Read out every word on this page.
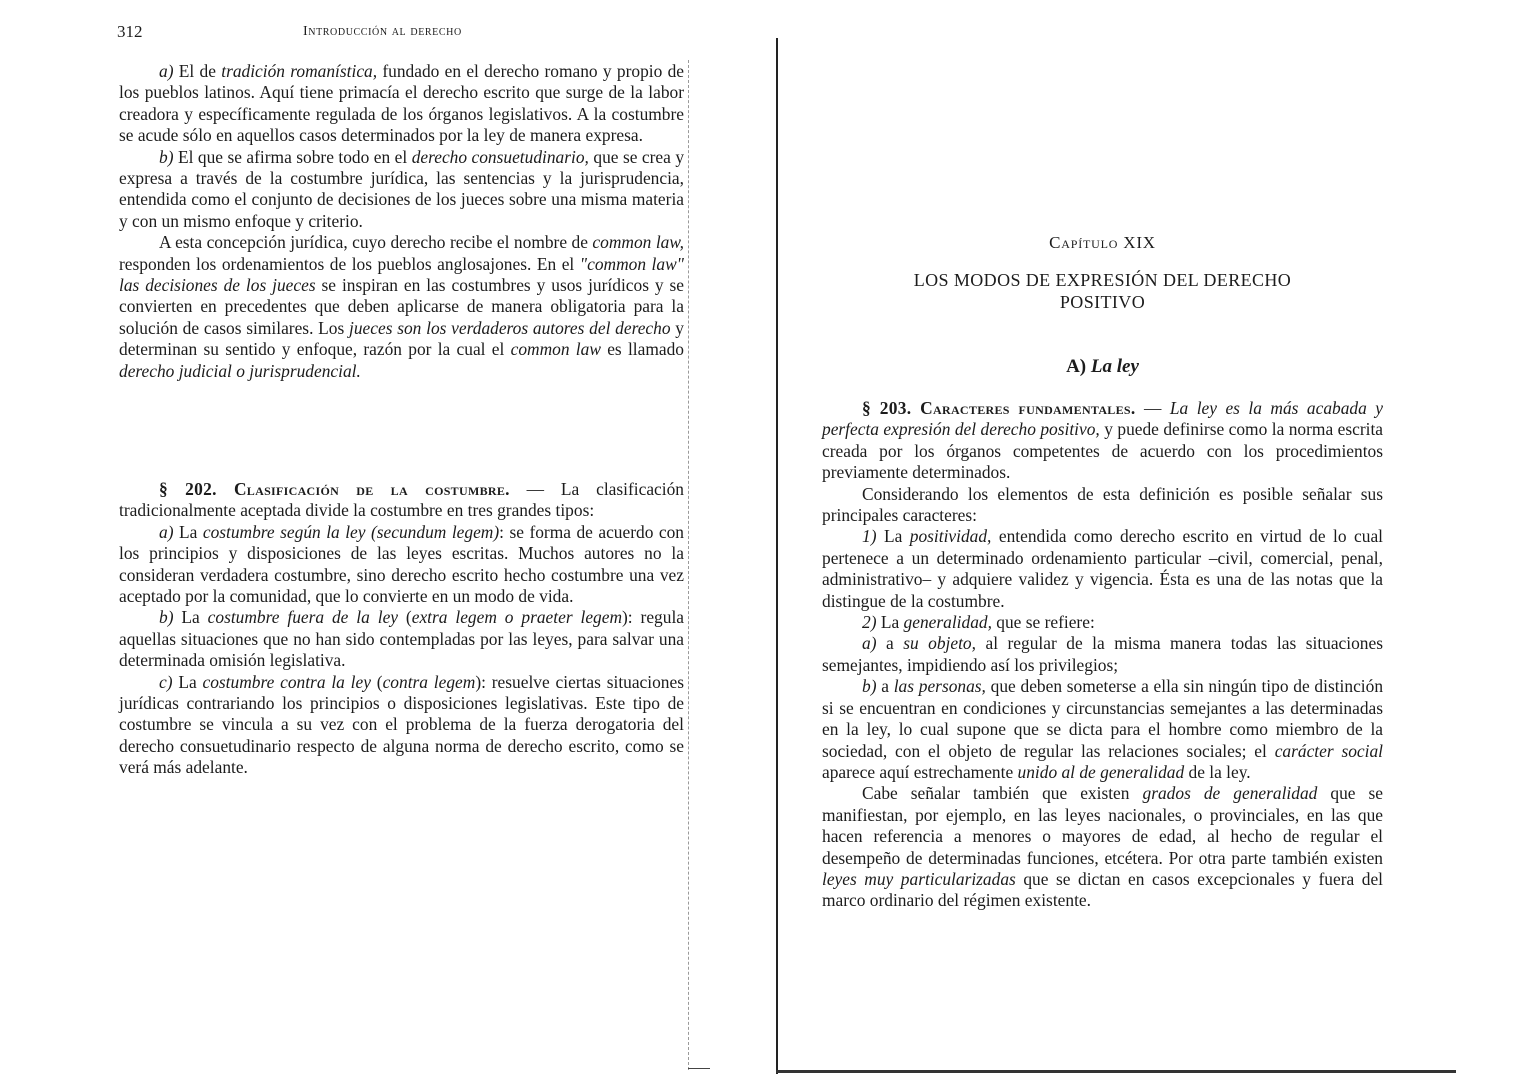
312	Introducción al derecho

a) El de tradición romanística, fundado en el derecho romano y propio de los pueblos latinos. Aquí tiene primacía el derecho escrito que surge de la labor creadora y específicamente regulada de los órganos legislativos. A la costumbre se acude sólo en aquellos casos determinados por la ley de manera expresa.

b) El que se afirma sobre todo en el derecho consuetudinario, que se crea y expresa a través de la costumbre jurídica, las sentencias y la jurisprudencia, entendida como el conjunto de decisiones de los jueces sobre una misma materia y con un mismo enfoque y criterio.

A esta concepción jurídica, cuyo derecho recibe el nombre de common law, responden los ordenamientos de los pueblos anglosajones. En el "common law" las decisiones de los jueces se inspiran en las costumbres y usos jurídicos y se convierten en precedentes que deben aplicarse de manera obligatoria para la solución de casos similares. Los jueces son los verdaderos autores del derecho y determinan su sentido y enfoque, razón por la cual el common law es llamado derecho judicial o jurisprudencial.

§ 202. Clasificación de la costumbre. — La clasificación tradicionalmente aceptada divide la costumbre en tres grandes tipos:

a) La costumbre según la ley (secundum legem): se forma de acuerdo con los principios y disposiciones de las leyes escritas. Muchos autores no la consideran verdadera costumbre, sino derecho escrito hecho costumbre una vez aceptado por la comunidad, que lo convierte en un modo de vida.

b) La costumbre fuera de la ley (extra legem o praeter legem): regula aquellas situaciones que no han sido contempladas por las leyes, para salvar una determinada omisión legislativa.

c) La costumbre contra la ley (contra legem): resuelve ciertas situaciones jurídicas contrariando los principios o disposiciones legislativas. Este tipo de costumbre se vincula a su vez con el problema de la fuerza derogatoria del derecho consuetudinario respecto de alguna norma de derecho escrito, como se verá más adelante.

Capítulo XIX
LOS MODOS DE EXPRESIÓN DEL DERECHO
POSITIVO
A) La ley

§ 203. Caracteres fundamentales. — La ley es la más acabada y perfecta expresión del derecho positivo, y puede definirse como la norma escrita creada por los órganos competentes de acuerdo con los procedimientos previamente determinados.

Considerando los elementos de esta definición es posible señalar sus principales caracteres:

1) La positividad, entendida como derecho escrito en virtud de lo cual pertenece a un determinado ordenamiento particular –civil, comercial, penal, administrativo– y adquiere validez y vigencia. Ésta es una de las notas que la distingue de la costumbre.

2) La generalidad, que se refiere:

a) a su objeto, al regular de la misma manera todas las situaciones semejantes, impidiendo así los privilegios;

b) a las personas, que deben someterse a ella sin ningún tipo de distinción si se encuentran en condiciones y circunstancias semejantes a las determinadas en la ley, lo cual supone que se dicta para el hombre como miembro de la sociedad, con el objeto de regular las relaciones sociales; el carácter social aparece aquí estrechamente unido al de generalidad de la ley.

Cabe señalar también que existen grados de generalidad que se manifiestan, por ejemplo, en las leyes nacionales, o provinciales, en las que hacen referencia a menores o mayores de edad, al hecho de regular el desempeño de determinadas funciones, etcétera. Por otra parte también existen leyes muy particularizadas que se dictan en casos excepcionales y fuera del marco ordinario del régimen existente.
